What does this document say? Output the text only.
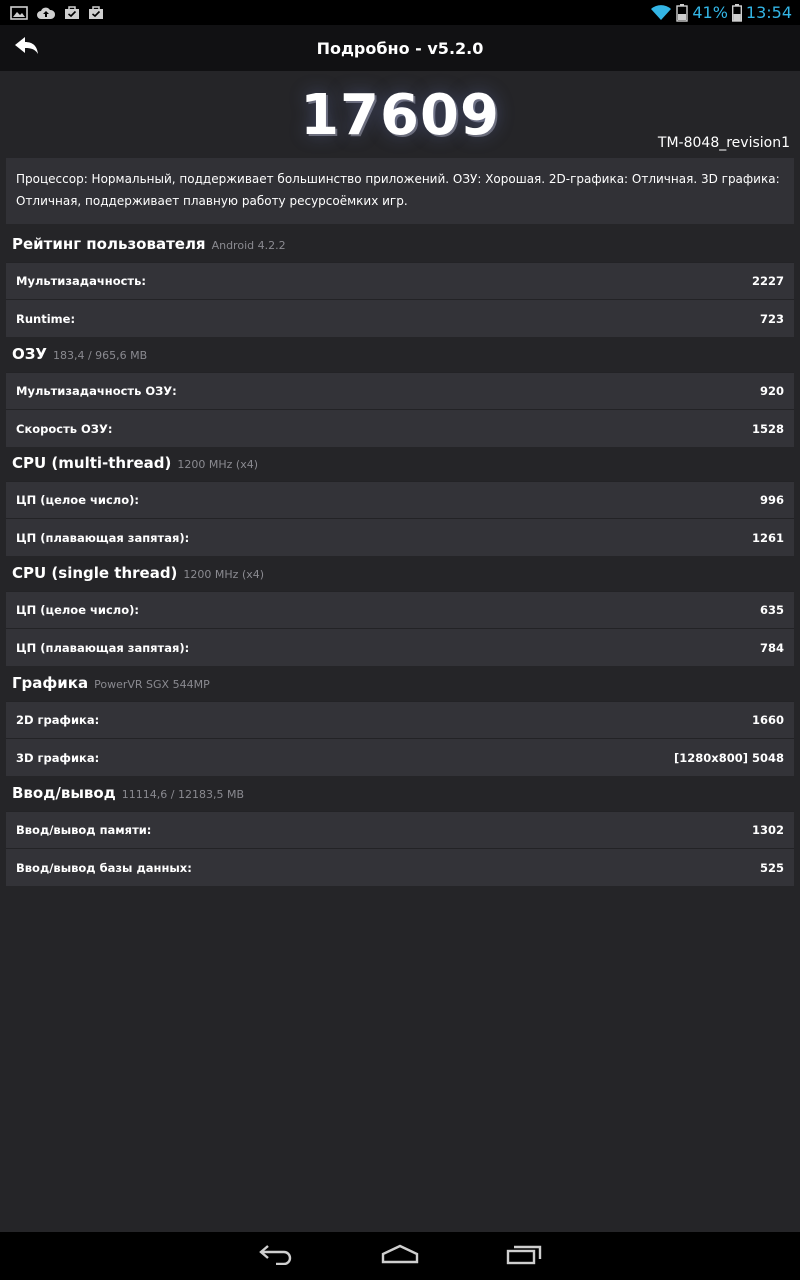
41% 13:54
Подробно - v5.2.0
17609	TM-8048_revision1
Процессор: Нормальный, поддерживает большинство приложений. ОЗУ: Хорошая. 2D-графика: Отличная. 3D графика: Отличная, поддерживает плавную работу ресурсоёмких игр.
Рейтинг пользователя Android 4.2.2
Мультизадачность:	2227
Runtime:	723
ОЗУ 183,4 / 965,6 MB
Мультизадачность ОЗУ:	920
Скорость ОЗУ:	1528
CPU (multi-thread) 1200 MHz (x4)
ЦП (целое число):	996
ЦП (плавающая запятая):	1261
CPU (single thread) 1200 MHz (x4)
ЦП (целое число):	635
ЦП (плавающая запятая):	784
Графика PowerVR SGX 544MP
2D графика:	1660
3D графика:	[1280x800] 5048
Ввод/вывод 11114,6 / 12183,5 MB
Ввод/вывод памяти:	1302
Ввод/вывод базы данных:	525
